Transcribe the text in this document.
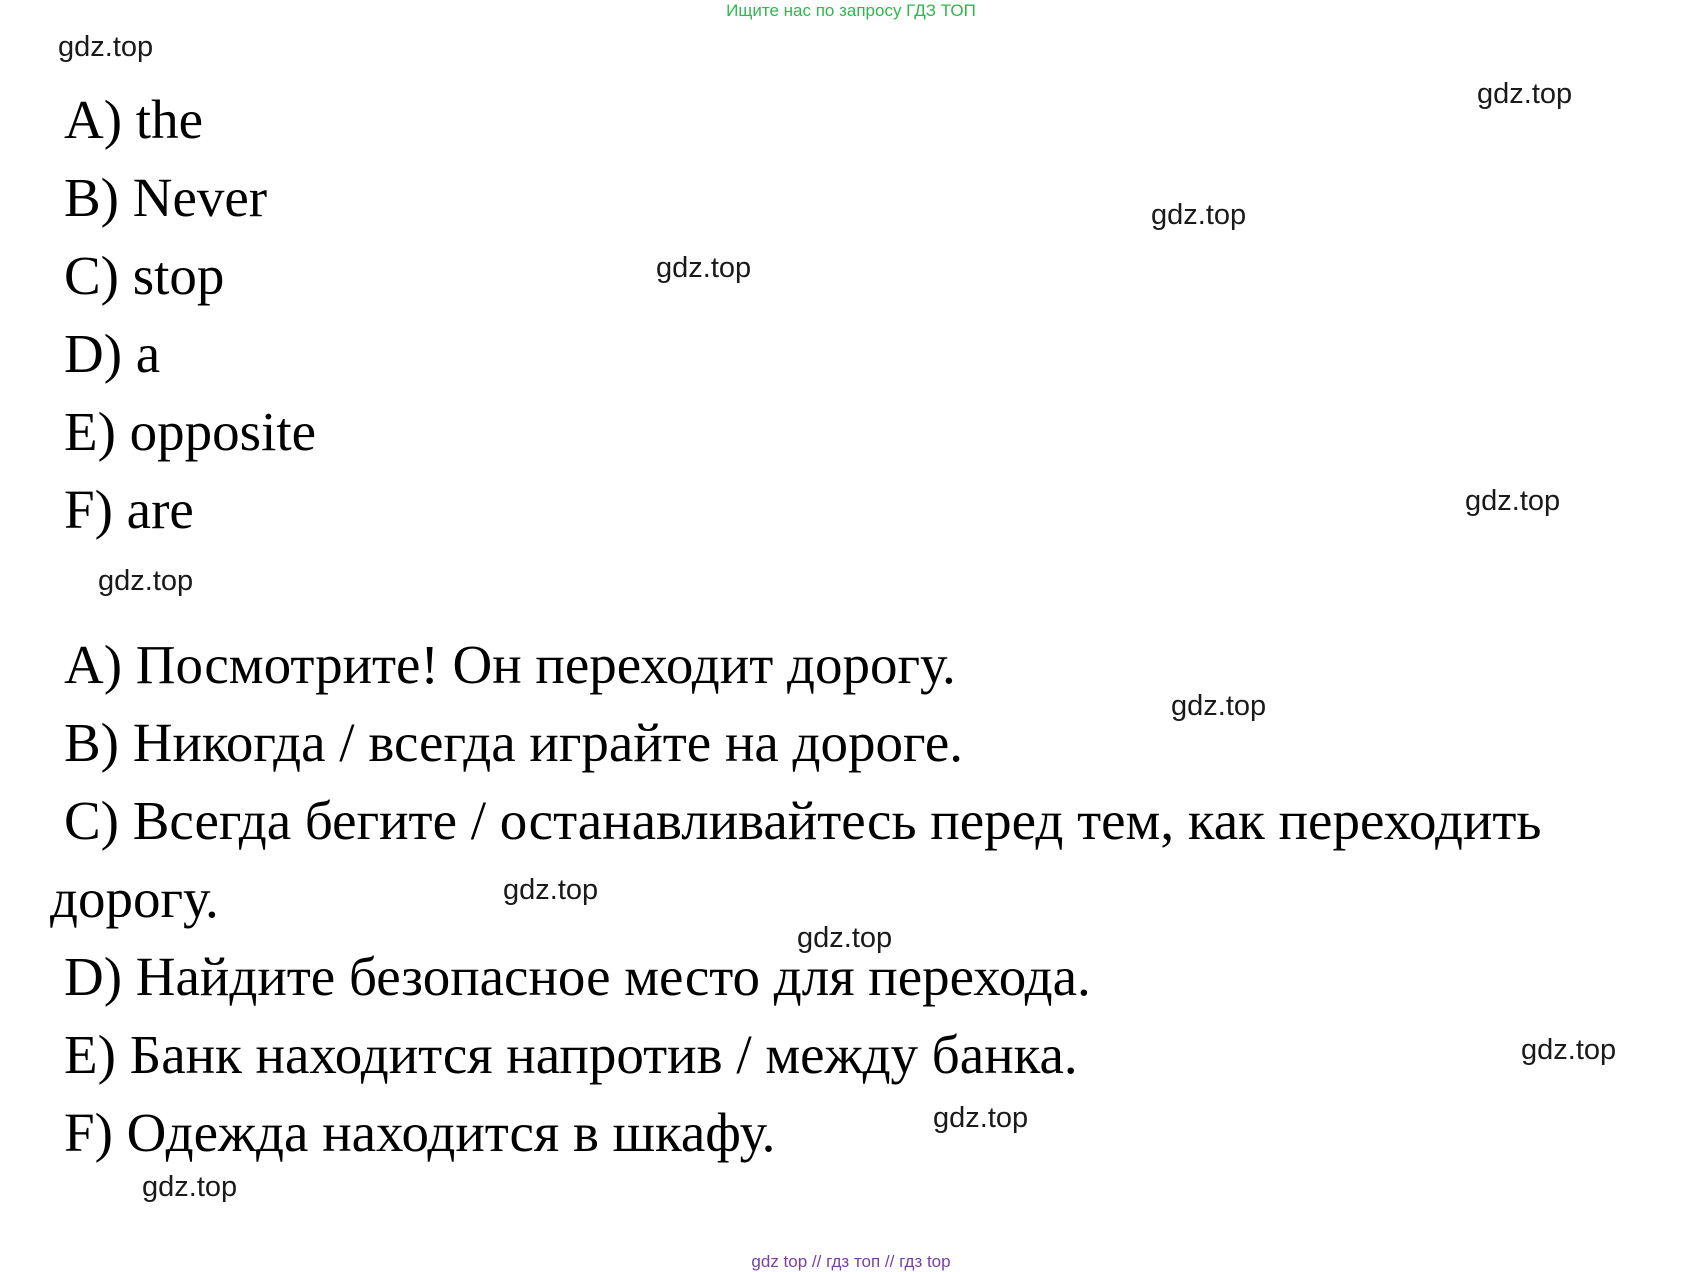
Ищите нас по запросу ГДЗ ТОП
A) the
B) Never
C) stop
D) a
E) opposite
F) are
A) Посмотрите! Он переходит дорогу.
B) Никогда / всегда играйте на дороге.
C) Всегда бегите / останавливайтесь перед тем, как переходить
дорогу.
D) Найдите безопасное место для перехода.
E) Банк находится напротив / между банка.
F) Одежда находится в шкафу.
gdz.top
gdz.top
gdz.top
gdz.top
gdz.top
gdz.top
gdz.top
gdz.top
gdz.top
gdz.top
gdz.top
gdz.top
gdz top // гдз топ // гдз top
